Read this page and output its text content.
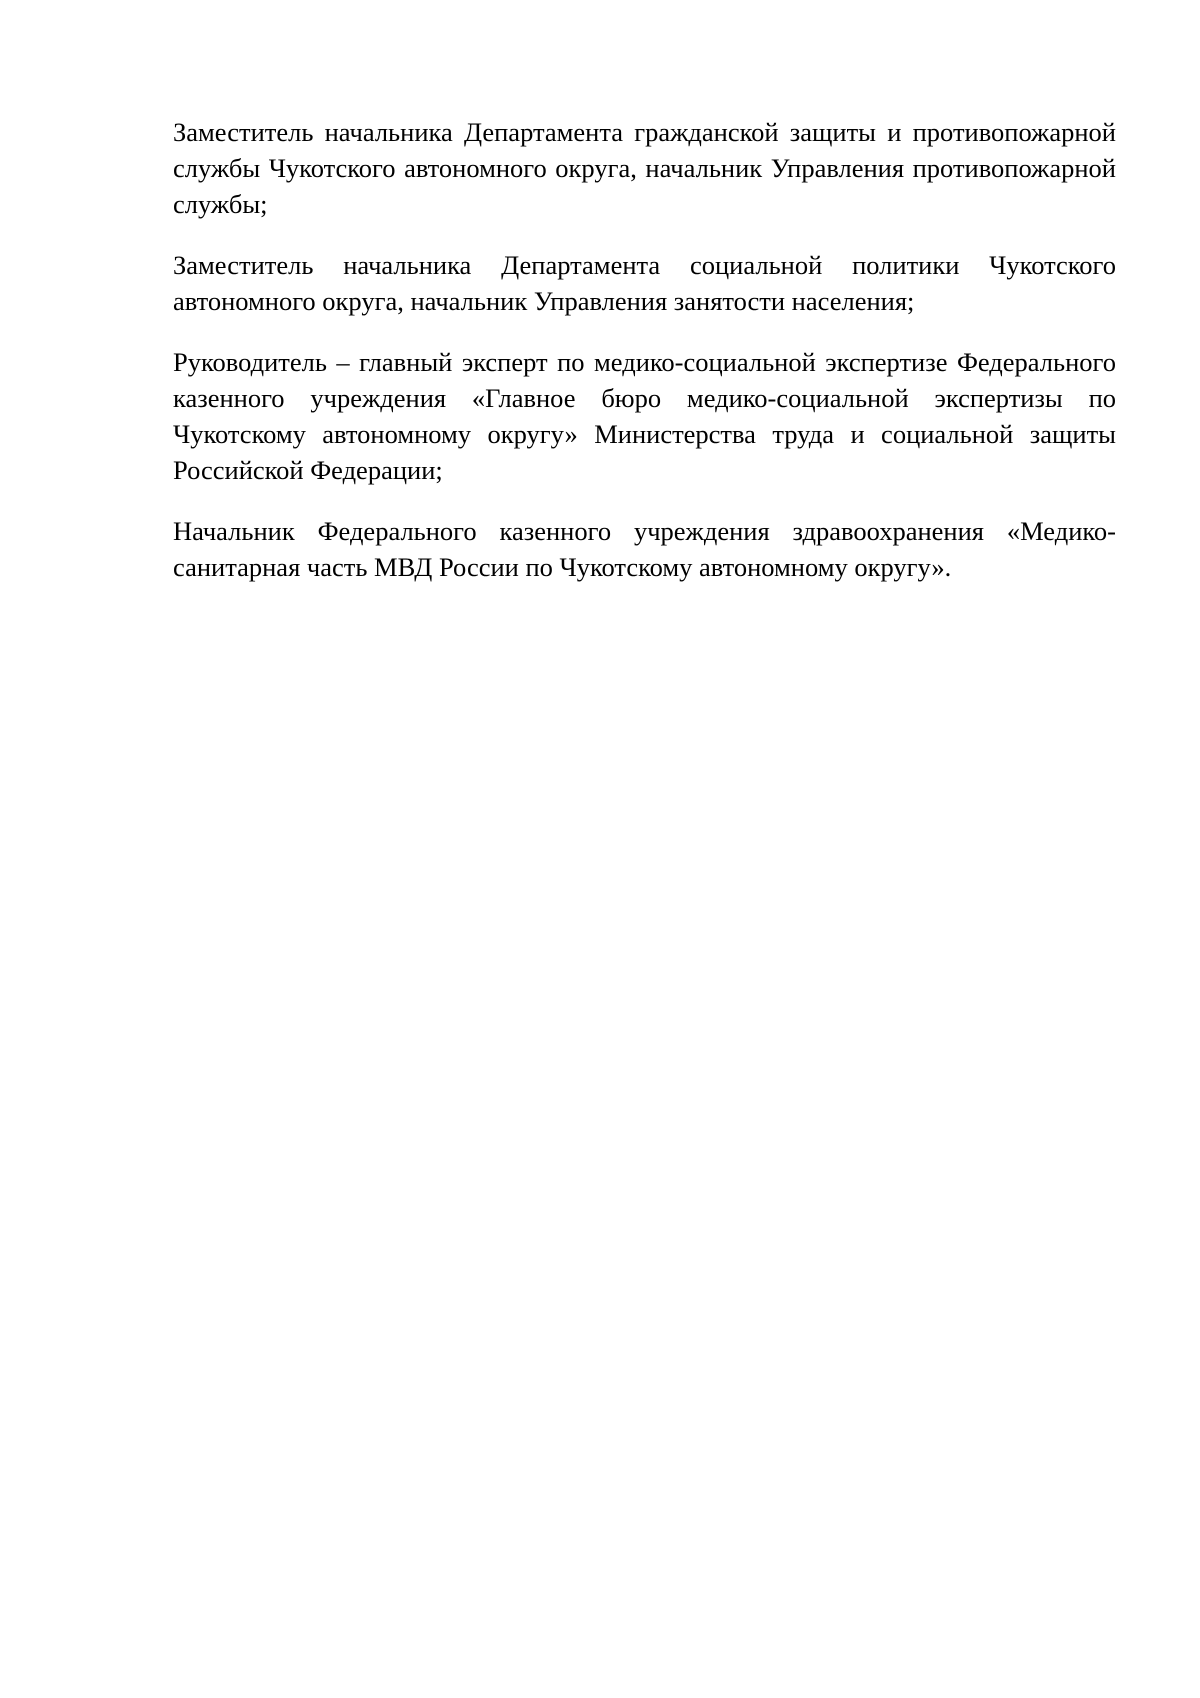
Заместитель начальника Департамента гражданской защиты и противопожарной службы Чукотского автономного округа, начальник Управления противопожарной службы;

Заместитель начальника Департамента социальной политики Чукотского автономного округа, начальник Управления занятости населения;

Руководитель – главный эксперт по медико-социальной экспертизе Федерального казенного учреждения «Главное бюро медико-социальной экспертизы по Чукотскому автономному округу» Министерства труда и социальной защиты Российской Федерации;

Начальник Федерального казенного учреждения здравоохранения «Медико-санитарная часть МВД России по Чукотскому автономному округу».
